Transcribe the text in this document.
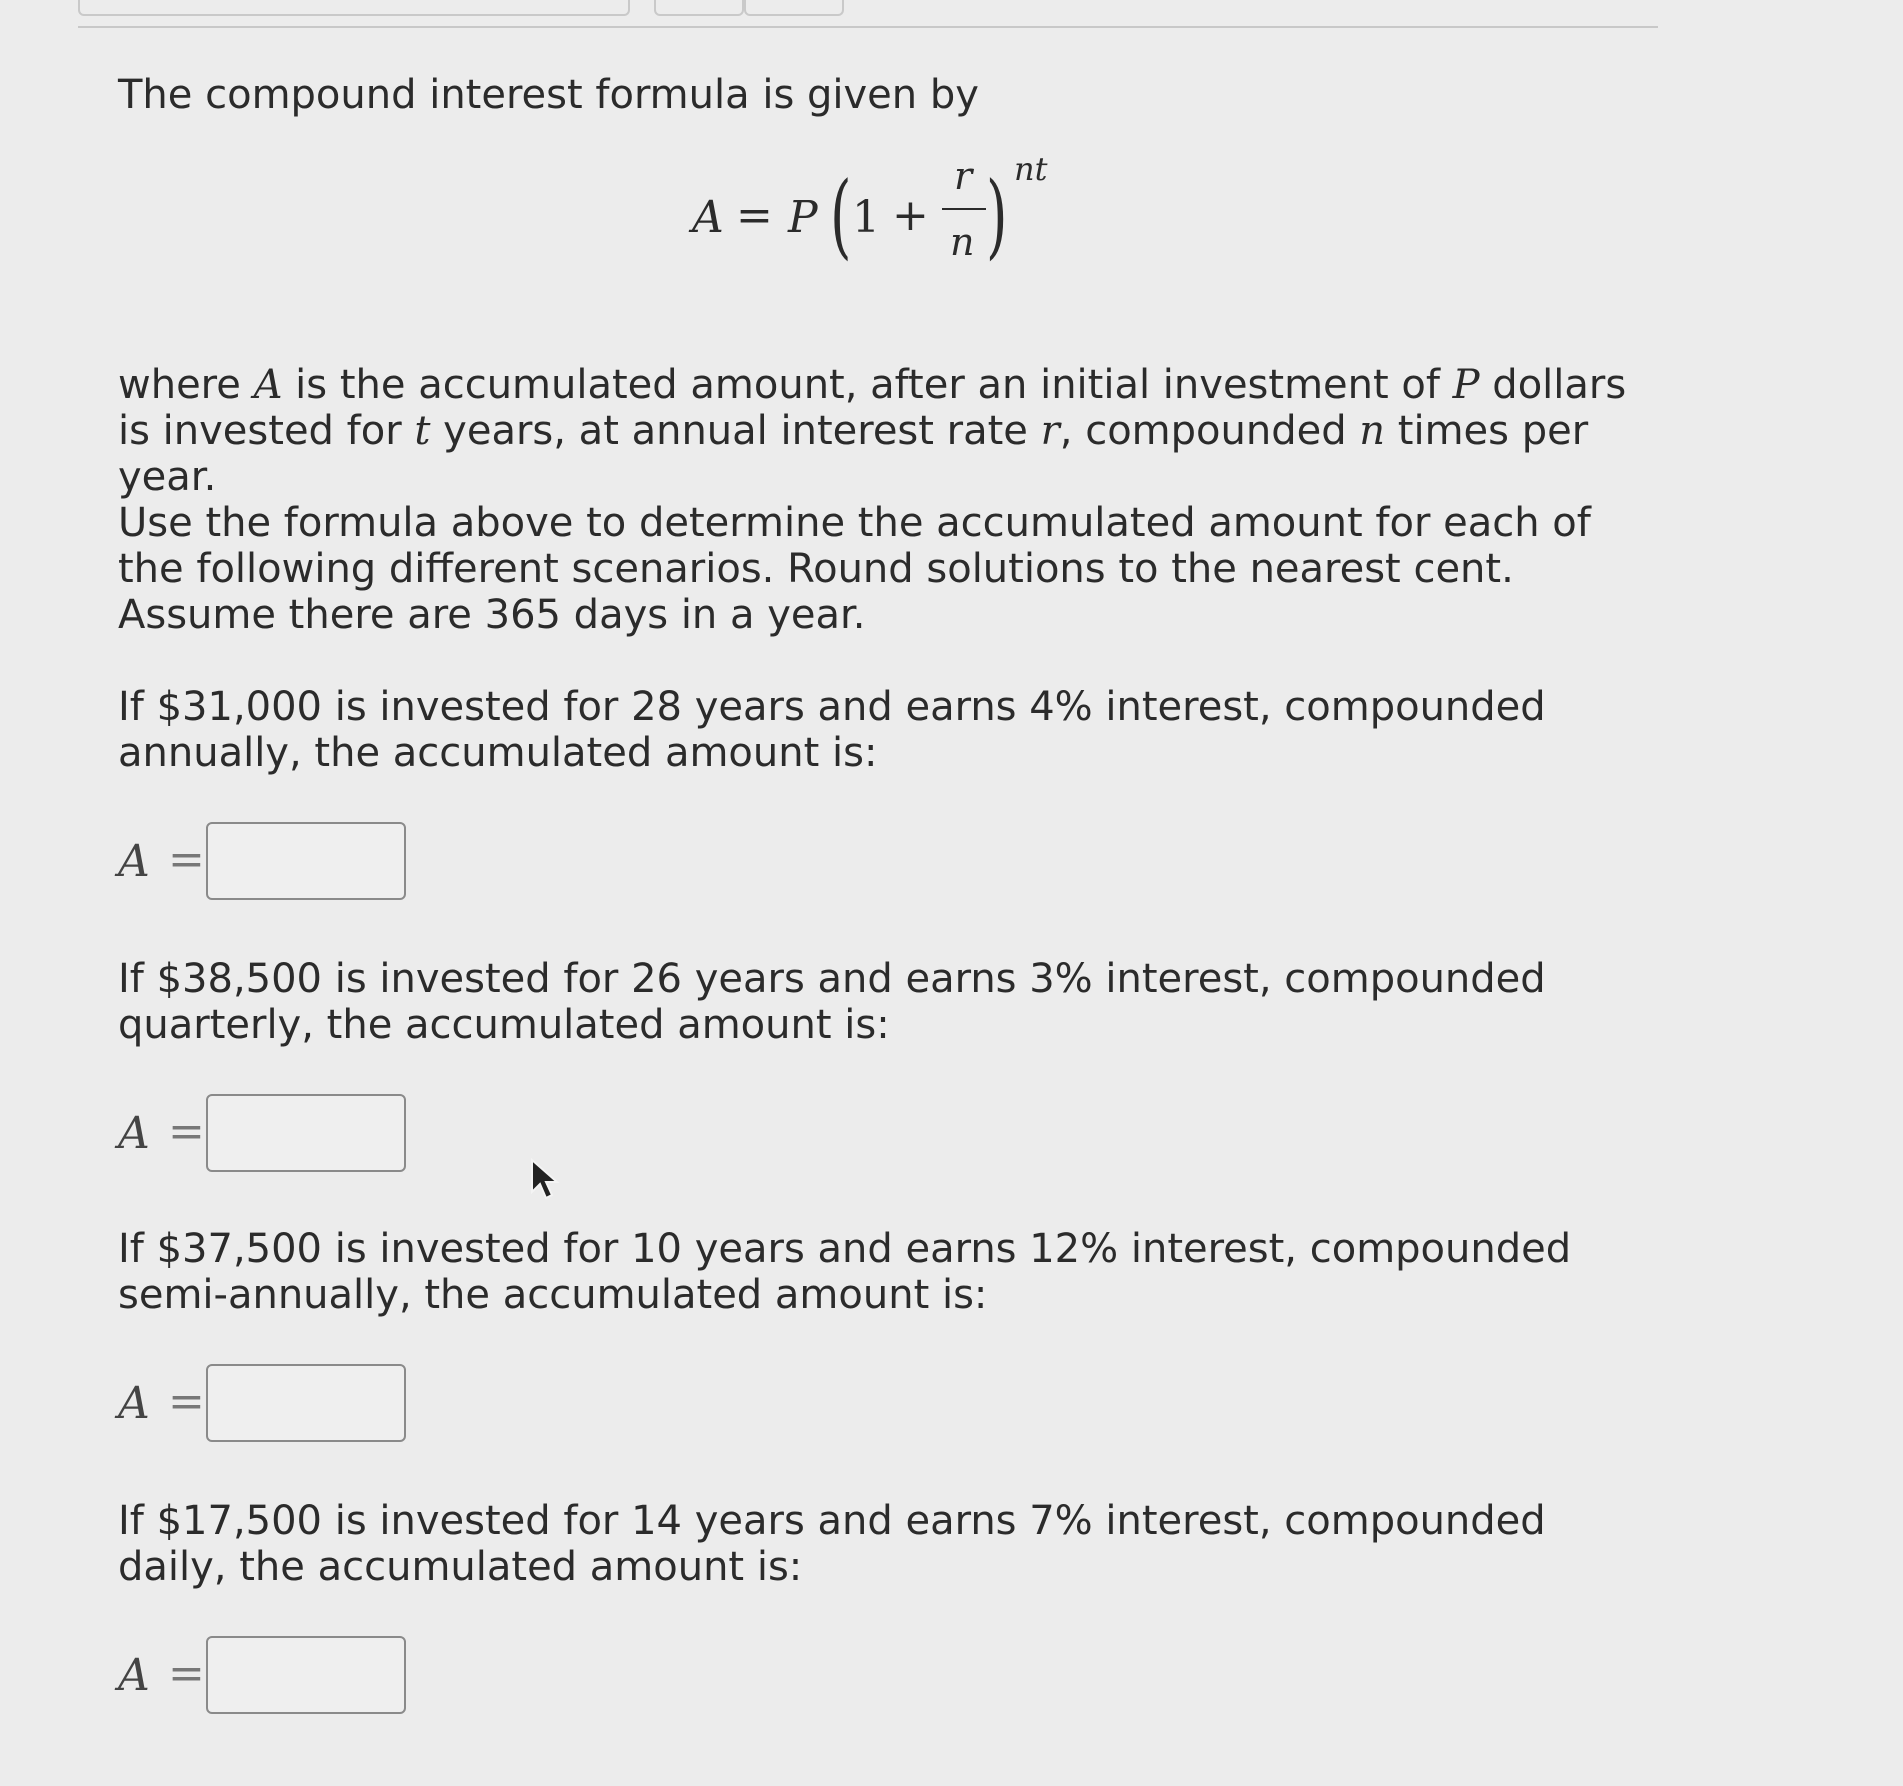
The compound interest formula is given by

A = P ( 1 +
r
n ) nt

where A is the accumulated amount, after an initial investment of P dollars is invested for t years, at annual interest rate r, compounded n times per year.

Use the formula above to determine the accumulated amount for each of the following different scenarios. Round solutions to the nearest cent. Assume there are 365 days in a year.

If $31,000 is invested for 28 years and earns 4% interest, compounded annually, the accumulated amount is:

A =

If $38,500 is invested for 26 years and earns 3% interest, compounded quarterly, the accumulated amount is:

A =

If $37,500 is invested for 10 years and earns 12% interest, compounded semi-annually, the accumulated amount is:

A =

If $17,500 is invested for 14 years and earns 7% interest, compounded daily, the accumulated amount is:

A =
